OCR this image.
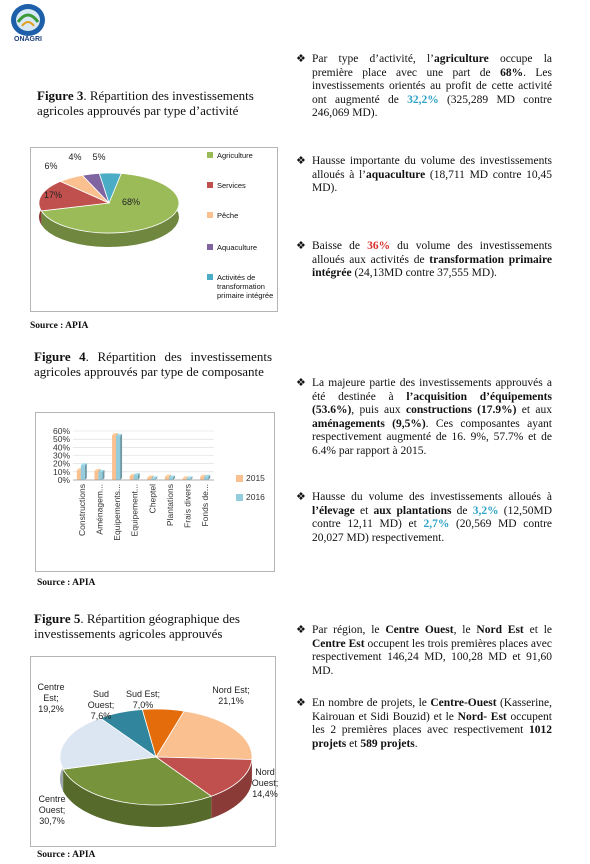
ONAGRI
Figure 3. Répartition des investissements agricoles approuvés par type d’activité
68%
17%
6%
4% 5%	Agriculture
Services
Pêche
Aquaculture
Activités de transformation primaire intégrée
Source : APIA
Figure 4. Répartition des investissements agricoles approuvés par type de composante
0%
10%
20%
30%
40%
50%
60%
Constructions Aménagem... Equipements... Equipement... Cheptel Plantations Frais divers Fonds de...
2015
2016
Source : APIA
Figure 5. Répartition géographique des investissements agricoles approuvés
Nord Est; 21,1%
Nord Ouest; 14,4%
Centre Ouest; 30,7%
Centre Est; 19,2%
Sud Ouest; 7,6%
Sud Est; 7,0%
Source : APIA
❖ Par type d’activité, l’agriculture occupe la première place avec une part de 68%. Les investissements orientés au profit de cette activité ont augmenté de 32,2% (325,289 MD contre 246,069 MD).
❖ Hausse importante du volume des investissements alloués à l’aquaculture (18,711 MD contre 10,45 MD).
❖ Baisse de 36% du volume des investissements alloués aux activités de transformation primaire intégrée (24,13MD contre 37,555 MD).
❖ La majeure partie des investissements approuvés a été destinée à l’acquisition d’équipements (53.6%), puis aux constructions (17.9%) et aux aménagements (9,5%). Ces composantes ayant respectivement augmenté de 16. 9%, 57.7% et de 6.4% par rapport à 2015.
❖ Hausse du volume des investissements alloués à l’élevage et aux plantations de 3,2% (12,50MD contre 12,11 MD) et 2,7% (20,569 MD contre 20,027 MD) respectivement.
❖ Par région, le Centre Ouest, le Nord Est et le Centre Est occupent les trois premières places avec respectivement 146,24 MD, 100,28 MD et 91,60 MD.
❖ En nombre de projets, le Centre-Ouest (Kasserine, Kairouan et Sidi Bouzid) et le Nord- Est occupent les 2 premières places avec respectivement 1012 projets et 589 projets.
